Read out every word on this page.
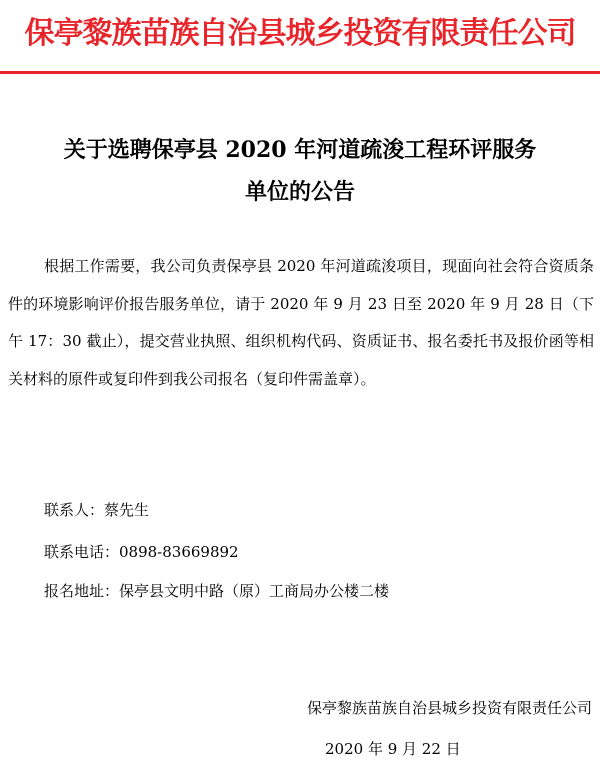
保亭黎族苗族自治县城乡投资有限责任公司
关于选聘保亭县 2020 年河道疏浚工程环评服务
单位的公告

根据工作需要，我公司负责保亭县 2020 年河道疏浚项目，现面向社会符合资质条件的环境影响评价报告服务单位，请于 2020 年 9 月 23 日至 2020 年 9 月 28 日（下午 17：30 截止），提交营业执照、组织机构代码、资质证书、报名委托书及报价函等相关材料的原件或复印件到我公司报名（复印件需盖章）。

联系人：蔡先生
联系电话：0898-83669892
报名地址：保亭县文明中路（原）工商局办公楼二楼
保亭黎族苗族自治县城乡投资有限责任公司
2020 年 9 月 22 日
